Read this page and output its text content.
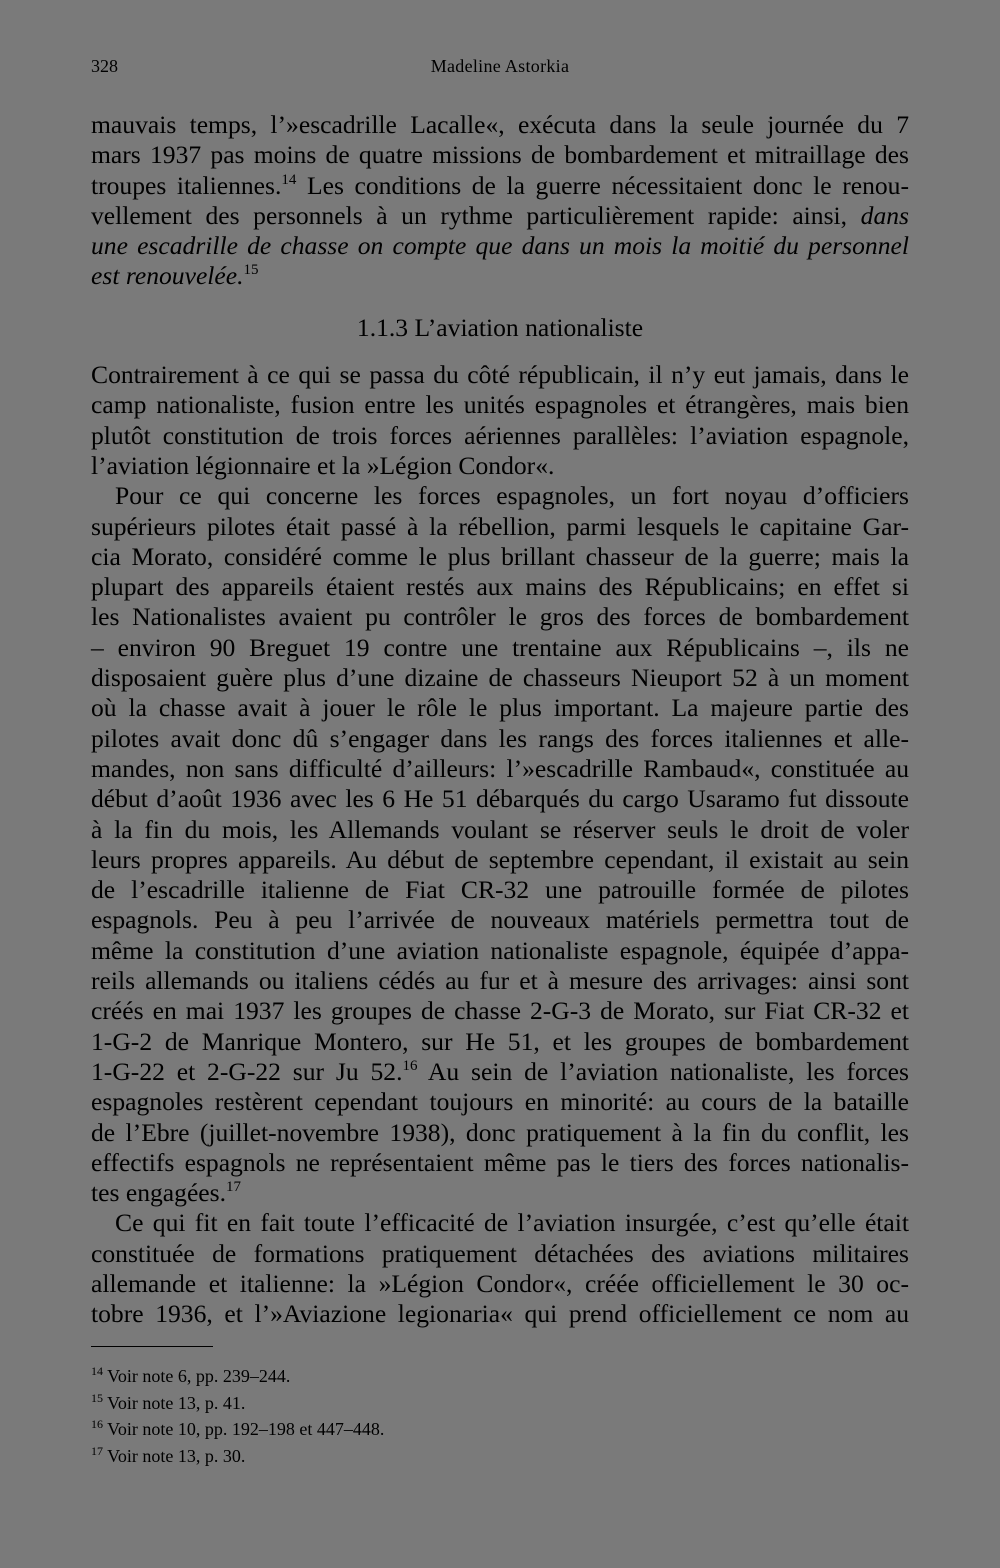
328	Madeline Astorkia
mauvais temps, l’»escadrille Lacalle«, exécuta dans la seule journée du 7
mars 1937 pas moins de quatre missions de bombardement et mitraillage des
troupes italiennes.$^{14}$ Les conditions de la guerre nécessitaient donc le renou-
vellement des personnels à un rythme particulièrement rapide: ainsi, dans
une escadrille de chasse on compte que dans un mois la moitié du personnel
est renouvelée.$^{15}$
1.1.3 L’aviation nationaliste
Contrairement à ce qui se passa du côté républicain, il n’y eut jamais, dans le
camp nationaliste, fusion entre les unités espagnoles et étrangères, mais bien
plutôt constitution de trois forces aériennes parallèles: l’aviation espagnole,
l’aviation légionnaire et la »Légion Condor«.
Pour ce qui concerne les forces espagnoles, un fort noyau d’officiers
supérieurs pilotes était passé à la rébellion, parmi lesquels le capitaine Gar-
cia Morato, considéré comme le plus brillant chasseur de la guerre; mais la
plupart des appareils étaient restés aux mains des Républicains; en effet si
les Nationalistes avaient pu contrôler le gros des forces de bombardement
– environ 90 Breguet 19 contre une trentaine aux Républicains –, ils ne
disposaient guère plus d’une dizaine de chasseurs Nieuport 52 à un moment
où la chasse avait à jouer le rôle le plus important. La majeure partie des
pilotes avait donc dû s’engager dans les rangs des forces italiennes et alle-
mandes, non sans difficulté d’ailleurs: l’»escadrille Rambaud«, constituée au
début d’août 1936 avec les 6 He 51 débarqués du cargo Usaramo fut dissoute
à la fin du mois, les Allemands voulant se réserver seuls le droit de voler
leurs propres appareils. Au début de septembre cependant, il existait au sein
de l’escadrille italienne de Fiat CR-32 une patrouille formée de pilotes
espagnols. Peu à peu l’arrivée de nouveaux matériels permettra tout de
même la constitution d’une aviation nationaliste espagnole, équipée d’appa-
reils allemands ou italiens cédés au fur et à mesure des arrivages: ainsi sont
créés en mai 1937 les groupes de chasse 2-G-3 de Morato, sur Fiat CR-32 et
1-G-2 de Manrique Montero, sur He 51, et les groupes de bombardement
1-G-22 et 2-G-22 sur Ju 52.16 Au sein de l’aviation nationaliste, les forces
espagnoles restèrent cependant toujours en minorité: au cours de la bataille
de l’Ebre (juillet-novembre 1938), donc pratiquement à la fin du conflit, les
effectifs espagnols ne représentaient même pas le tiers des forces nationalis-
tes engagées.$^{17}$
Ce qui fit en fait toute l’efficacité de l’aviation insurgée, c’est qu’elle était
constituée de formations pratiquement détachées des aviations militaires
allemande et italienne: la »Légion Condor«, créée officiellement le 30 oc-
tobre 1936, et l’»Aviazione legionaria« qui prend officiellement ce nom au
$^{14}$ Voir note 6, pp. 239–244.
$^{15}$ Voir note 13, p. 41.
$^{16}$ Voir note 10, pp. 192–198 et 447–448.
$^{17}$ Voir note 13, p. 30.
